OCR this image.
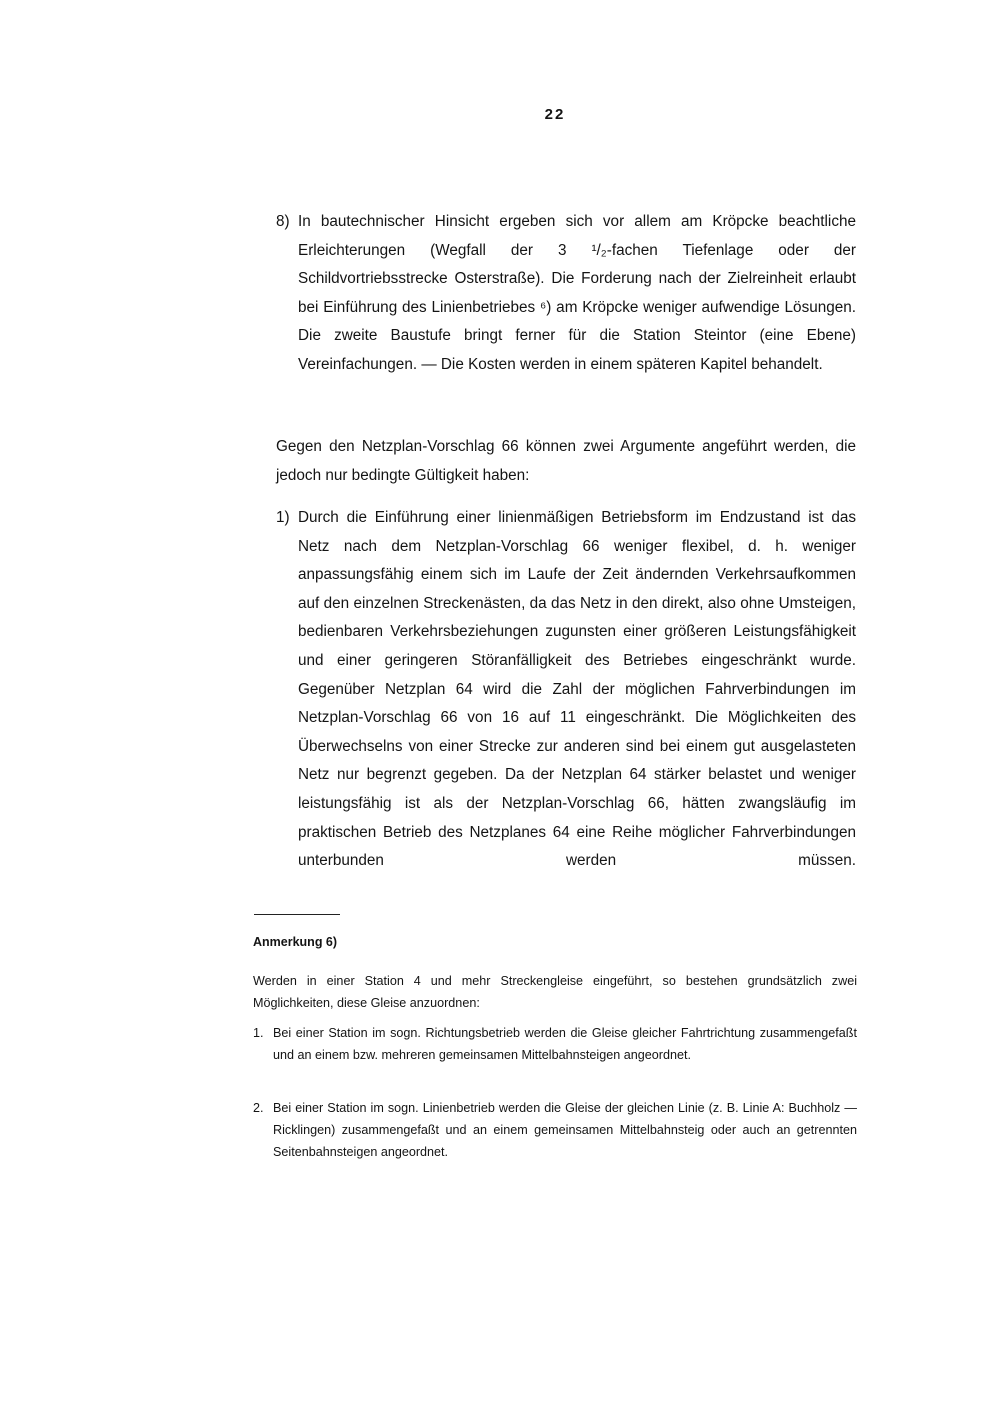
22
8) In bautechnischer Hinsicht ergeben sich vor allem am Kröpcke beachtliche Erleichterungen (Wegfall der 3 ¹/₂-fachen Tiefenlage oder der Schildvortriebsstrecke Osterstraße). Die Forderung nach der Zielreinheit erlaubt bei Einführung des Linienbetriebes ⁶) am Kröpcke weniger aufwendige Lösungen. Die zweite Baustufe bringt ferner für die Station Steintor (eine Ebene) Vereinfachungen. — Die Kosten werden in einem späteren Kapitel behandelt.
Gegen den Netzplan-Vorschlag 66 können zwei Argumente angeführt werden, die jedoch nur bedingte Gültigkeit haben:
1) Durch die Einführung einer linienmäßigen Betriebsform im Endzustand ist das Netz nach dem Netzplan-Vorschlag 66 weniger flexibel, d. h. weniger anpassungsfähig einem sich im Laufe der Zeit ändernden Verkehrsaufkommen auf den einzelnen Streckenästen, da das Netz in den direkt, also ohne Umsteigen, bedienbaren Verkehrsbeziehungen zugunsten einer größeren Leistungsfähigkeit und einer geringeren Störanfälligkeit des Betriebes eingeschränkt wurde. Gegenüber Netzplan 64 wird die Zahl der möglichen Fahrverbindungen im Netzplan-Vorschlag 66 von 16 auf 11 eingeschränkt. Die Möglichkeiten des Überwechselns von einer Strecke zur anderen sind bei einem gut ausgelasteten Netz nur begrenzt gegeben. Da der Netzplan 64 stärker belastet und weniger leistungsfähig ist als der Netzplan-Vorschlag 66, hätten zwangsläufig im praktischen Betrieb des Netzplanes 64 eine Reihe möglicher Fahrverbindungen unterbunden werden müssen.
Anmerkung 6)
Werden in einer Station 4 und mehr Streckengleise eingeführt, so bestehen grundsätzlich zwei Möglichkeiten, diese Gleise anzuordnen:
1. Bei einer Station im sogn. Richtungsbetrieb werden die Gleise gleicher Fahrtrichtung zusammengefaßt und an einem bzw. mehreren gemeinsamen Mittelbahnsteigen angeordnet.
2. Bei einer Station im sogn. Linienbetrieb werden die Gleise der gleichen Linie (z. B. Linie A: Buchholz — Ricklingen) zusammengefaßt und an einem gemeinsamen Mittelbahnsteig oder auch an getrennten Seitenbahnsteigen angeordnet.
